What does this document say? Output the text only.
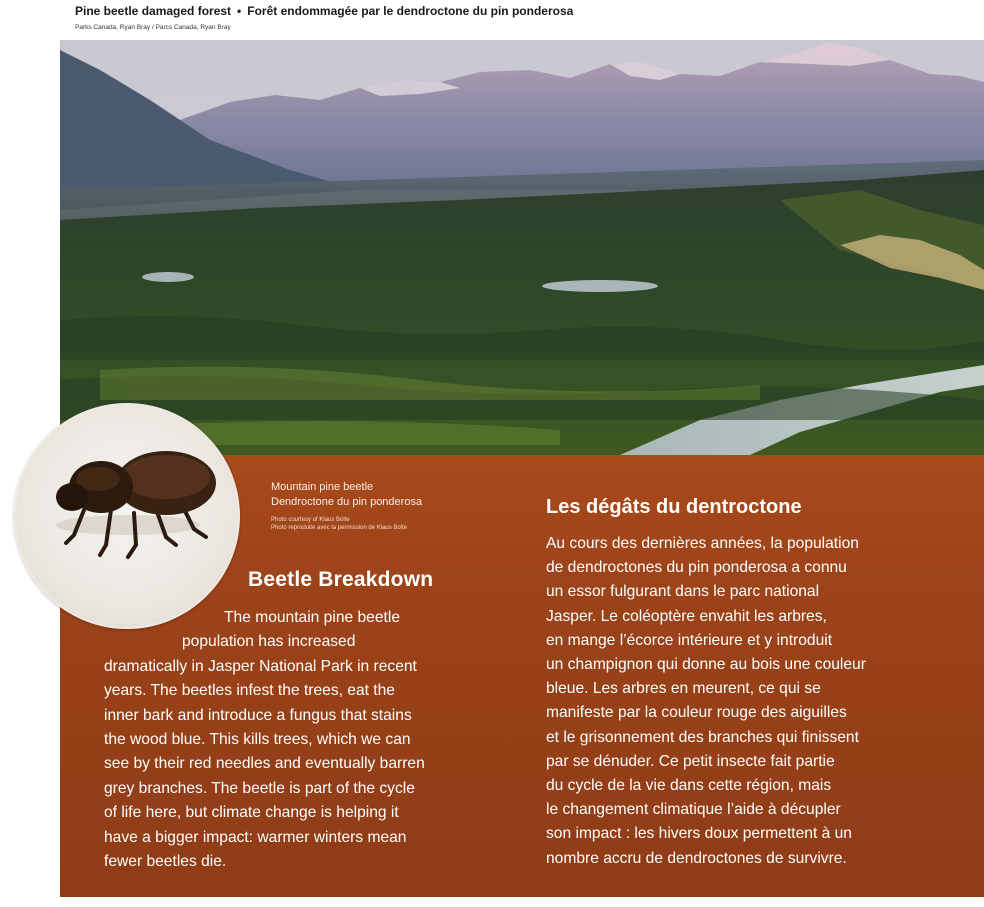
Pine beetle damaged forest • Forêt endommagée par le dendroctone du pin ponderosa
Parks Canada, Ryan Bray / Parcs Canada, Ryan Bray
Mountain pine beetle
Dendroctone du pin ponderosa
Photo courtesy of Klaus Bolte
Photo reproduite avec la permission de Klaus Bolte
Beetle Breakdown
The mountain pine beetle
population has increased
dramatically in Jasper National Park in recent
years. The beetles infest the trees, eat the
inner bark and introduce a fungus that stains
the wood blue. This kills trees, which we can
see by their red needles and eventually barren
grey branches. The beetle is part of the cycle
of life here, but climate change is helping it
have a bigger impact: warmer winters mean
fewer beetles die.
Les dégâts du dentroctone
Au cours des dernières années, la population
de dendroctones du pin ponderosa a connu
un essor fulgurant dans le parc national
Jasper. Le coléoptère envahit les arbres,
en mange l’écorce intérieure et y introduit
un champignon qui donne au bois une couleur
bleue. Les arbres en meurent, ce qui se
manifeste par la couleur rouge des aiguilles
et le grisonnement des branches qui finissent
par se dénuder. Ce petit insecte fait partie
du cycle de la vie dans cette région, mais
le changement climatique l’aide à décupler
son impact : les hivers doux permettent à un
nombre accru de dendroctones de survivre.
